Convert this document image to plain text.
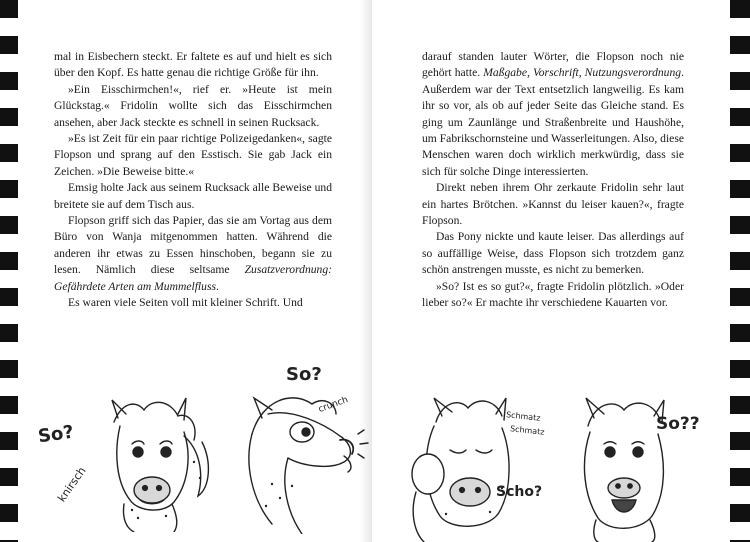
mal in Eisbechern steckt. Er faltete es auf und hielt es sich über den Kopf. Es hatte genau die richtige Größe für ihn.

»Ein Eisschirmchen!«, rief er. »Heute ist mein Glückstag.« Fridolin wollte sich das Eisschirmchen ansehen, aber Jack steckte es schnell in seinen Rucksack.

»Es ist Zeit für ein paar richtige Polizeigedanken«, sagte Flopson und sprang auf den Esstisch. Sie gab Jack ein Zeichen. »Die Beweise bitte.«

Emsig holte Jack aus seinem Rucksack alle Beweise und breitete sie auf dem Tisch aus.

Flopson griff sich das Papier, das sie am Vortag aus dem Büro von Wanja mitgenommen hatten. Während die anderen ihr etwas zu Essen hinschoben, begann sie zu lesen. Nämlich diese seltsame Zusatzverordnung: Gefährdete Arten am Mummelfluss.

Es waren viele Seiten voll mit kleiner Schrift. Und

So?
knirsch
So?
crunch

darauf standen lauter Wörter, die Flopson noch nie gehört hatte. Maßgabe, Vorschrift, Nutzungsverordnung. Außerdem war der Text entsetzlich langweilig. Es kam ihr so vor, als ob auf jeder Seite das Gleiche stand. Es ging um Zaunlänge und Straßenbreite und Haushöhe, um Fabrikschornsteine und Wasserleitungen. Also, diese Menschen waren doch wirklich merkwürdig, dass sie sich für solche Dinge interessierten.

Direkt neben ihrem Ohr zerkaute Fridolin sehr laut ein hartes Brötchen. »Kannst du leiser kauen?«, fragte Flopson.

Das Pony nickte und kaute leiser. Das allerdings auf so auffällige Weise, dass Flopson sich trotzdem ganz schön anstrengen musste, es nicht zu bemerken.

»So? Ist es so gut?«, fragte Fridolin plötzlich. »Oder lieber so?« Er machte ihr verschiedene Kauarten vor.

Schmatz
Schmatz
Scho?
So??
